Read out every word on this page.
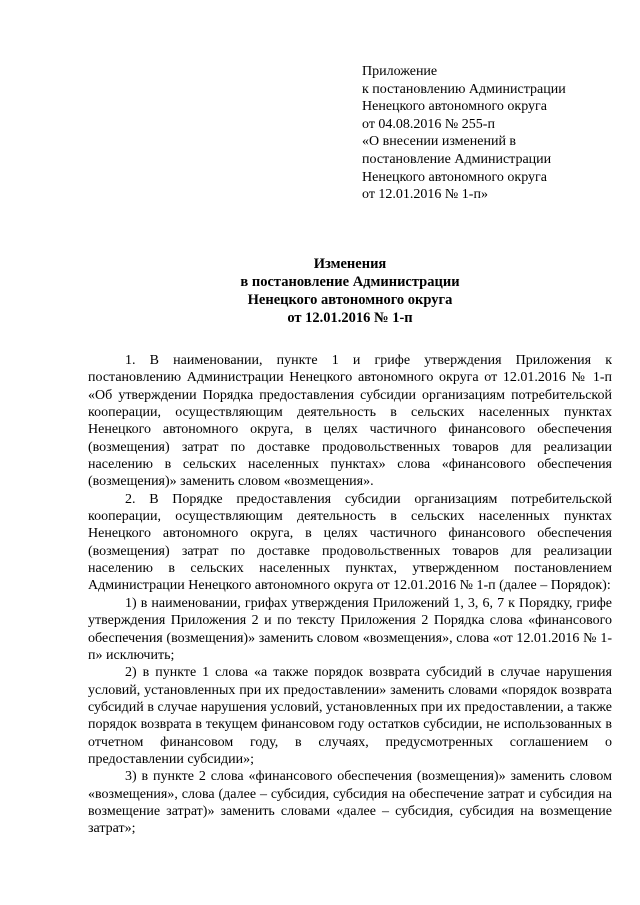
Приложение
к постановлению Администрации
Ненецкого автономного округа
от 04.08.2016 № 255-п
«О внесении изменений в
постановление Администрации
Ненецкого автономного округа
от 12.01.2016 № 1-п»
Изменения
в постановление Администрации
Ненецкого автономного округа
от 12.01.2016 № 1-п

1. В наименовании, пункте 1 и грифе утверждения Приложения к постановлению Администрации Ненецкого автономного округа от 12.01.2016 № 1-п «Об утверждении Порядка предоставления субсидии организациям потребительской кооперации, осуществляющим деятельность в сельских населенных пунктах Ненецкого автономного округа, в целях частичного финансового обеспечения (возмещения) затрат по доставке продовольственных товаров для реализации населению в сельских населенных пунктах» слова «финансового обеспечения (возмещения)» заменить словом «возмещения».

2. В Порядке предоставления субсидии организациям потребительской кооперации, осуществляющим деятельность в сельских населенных пунктах Ненецкого автономного округа, в целях частичного финансового обеспечения (возмещения) затрат по доставке продовольственных товаров для реализации населению в сельских населенных пунктах, утвержденном постановлением Администрации Ненецкого автономного округа от 12.01.2016 № 1-п (далее – Порядок):

1) в наименовании, грифах утверждения Приложений 1, 3, 6, 7 к Порядку, грифе утверждения Приложения 2 и по тексту Приложения 2 Порядка слова «финансового обеспечения (возмещения)» заменить словом «возмещения», слова «от 12.01.2016 № 1-п» исключить;

2) в пункте 1 слова «а также порядок возврата субсидий в случае нарушения условий, установленных при их предоставлении» заменить словами «порядок возврата субсидий в случае нарушения условий, установленных при их предоставлении, а также порядок возврата в текущем финансовом году остатков субсидии, не использованных в отчетном финансовом году, в случаях, предусмотренных соглашением о предоставлении субсидии»;

3) в пункте 2 слова «финансового обеспечения (возмещения)» заменить словом «возмещения», слова (далее – субсидия, субсидия на обеспечение затрат и субсидия на возмещение затрат)» заменить словами «далее – субсидия, субсидия на возмещение затрат»;
